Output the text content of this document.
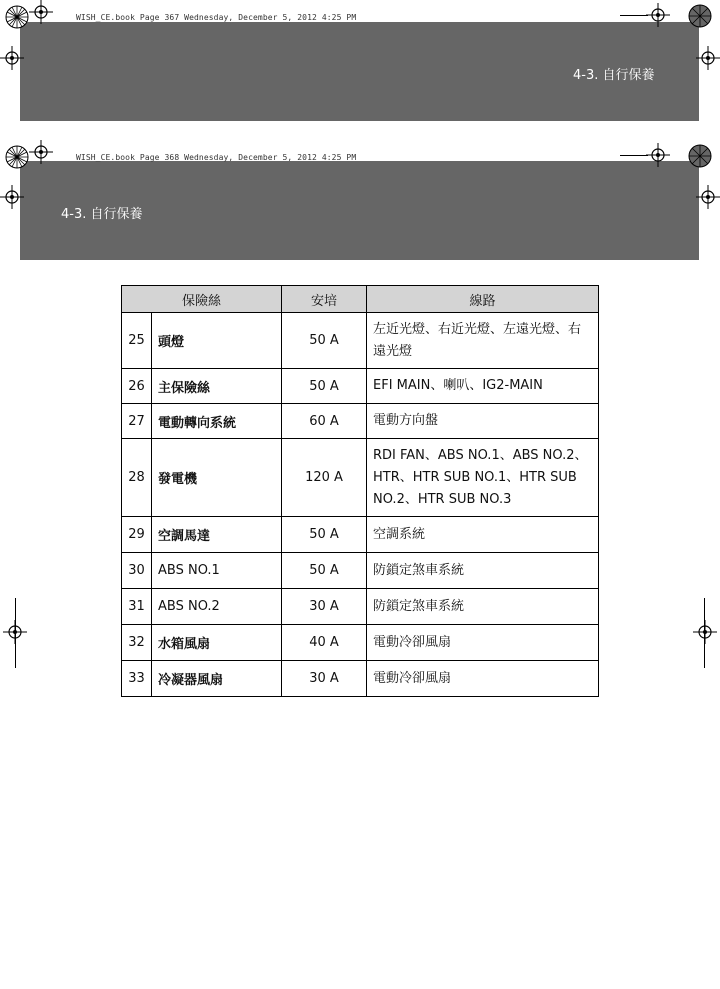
WISH_CE.book Page 367 Wednesday, December 5, 2012 4:25 PM
4-3. 自行保養
WISH_CE.book Page 368 Wednesday, December 5, 2012 4:25 PM
4-3. 自行保養
保險絲		安培	線路
25	頭燈	50 A	左近光燈、右近光燈、左遠光燈、右遠光燈
26	主保險絲	50 A	EFI MAIN、喇叭、IG2-MAIN
27	電動轉向系統	60 A	電動方向盤
28	發電機	120 A	RDI FAN、ABS NO.1、ABS NO.2、HTR、HTR SUB NO.1、HTR SUB NO.2、HTR SUB NO.3
29	空調馬達	50 A	空調系統
30	ABS NO.1	50 A	防鎖定煞車系統
31	ABS NO.2	30 A	防鎖定煞車系統
32	水箱風扇	40 A	電動冷卻風扇
33	冷凝器風扇	30 A	電動冷卻風扇
